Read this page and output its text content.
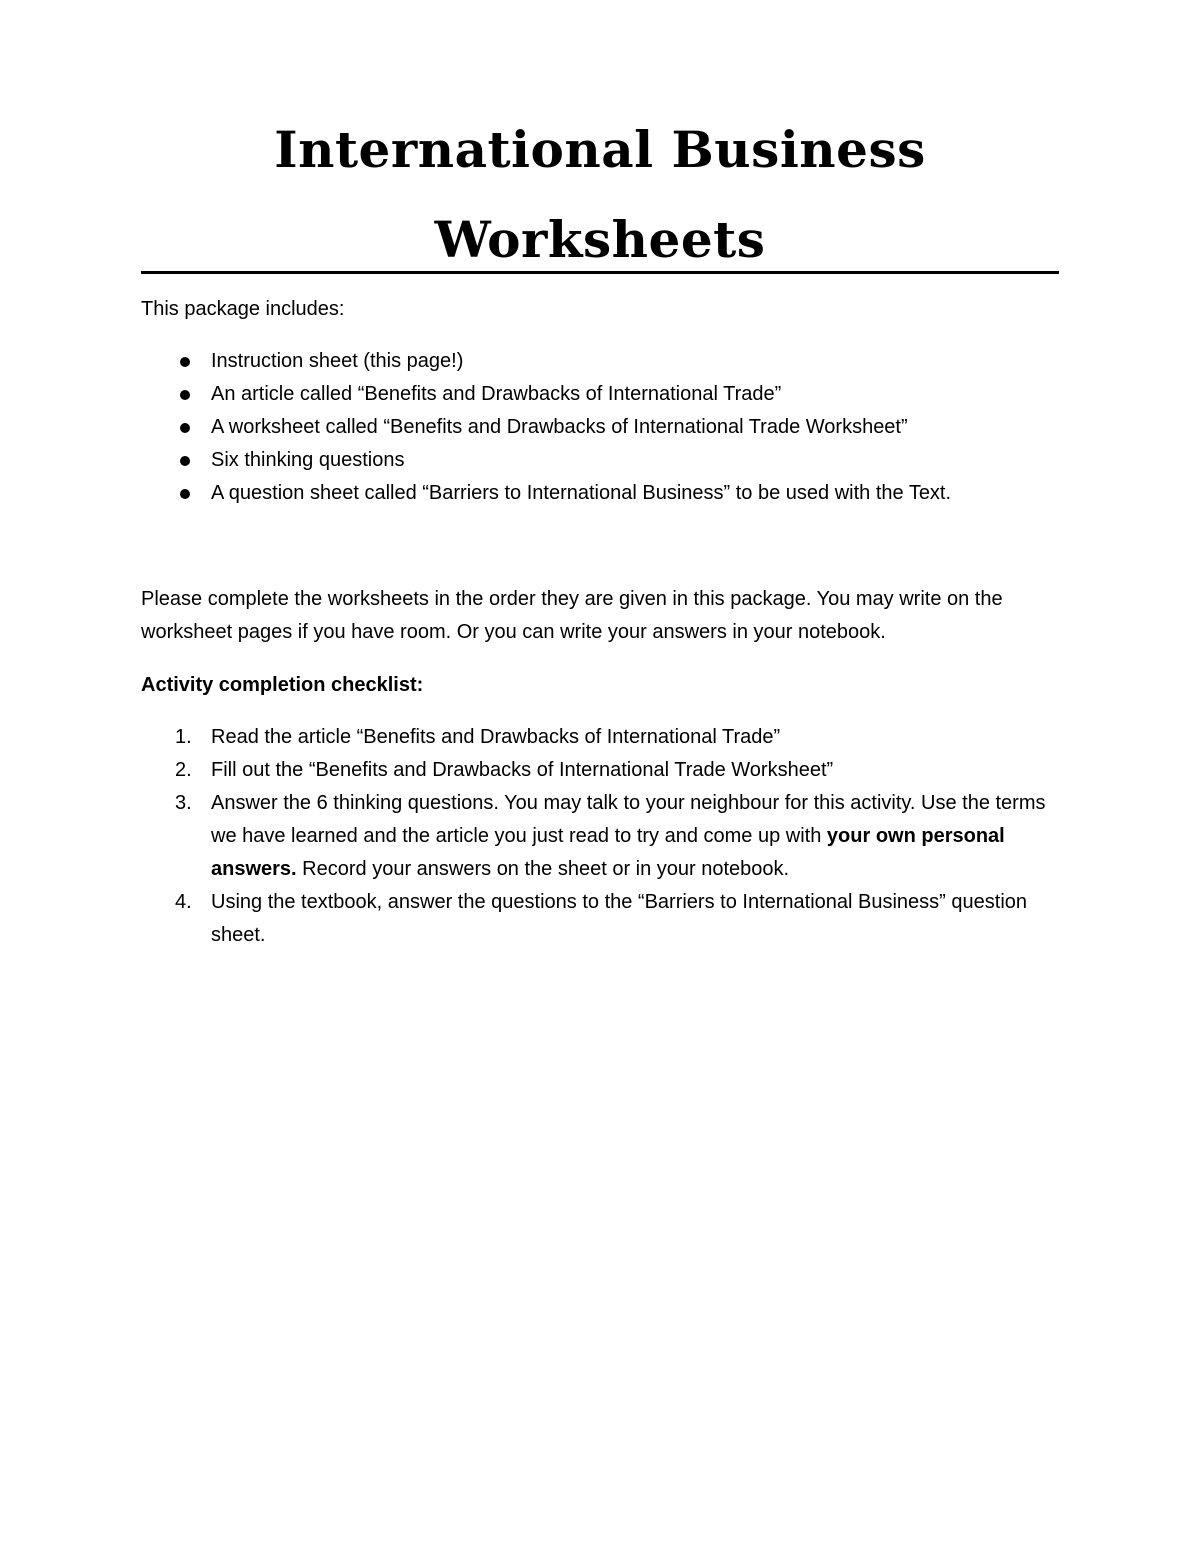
International Business
Worksheets
This package includes:
Instruction sheet (this page!)
An article called “Benefits and Drawbacks of International Trade”
A worksheet called “Benefits and Drawbacks of International Trade Worksheet”
Six thinking questions
A question sheet called “Barriers to International Business” to be used with the Text.
Please complete the worksheets in the order they are given in this package. You may write on the worksheet pages if you have room. Or you can write your answers in your notebook.
Activity completion checklist:
1. Read the article “Benefits and Drawbacks of International Trade”
2. Fill out the “Benefits and Drawbacks of International Trade Worksheet”
3. Answer the 6 thinking questions. You may talk to your neighbour for this activity. Use the terms we have learned and the article you just read to try and come up with your own personal answers. Record your answers on the sheet or in your notebook.
4. Using the textbook, answer the questions to the “Barriers to International Business” question sheet.
